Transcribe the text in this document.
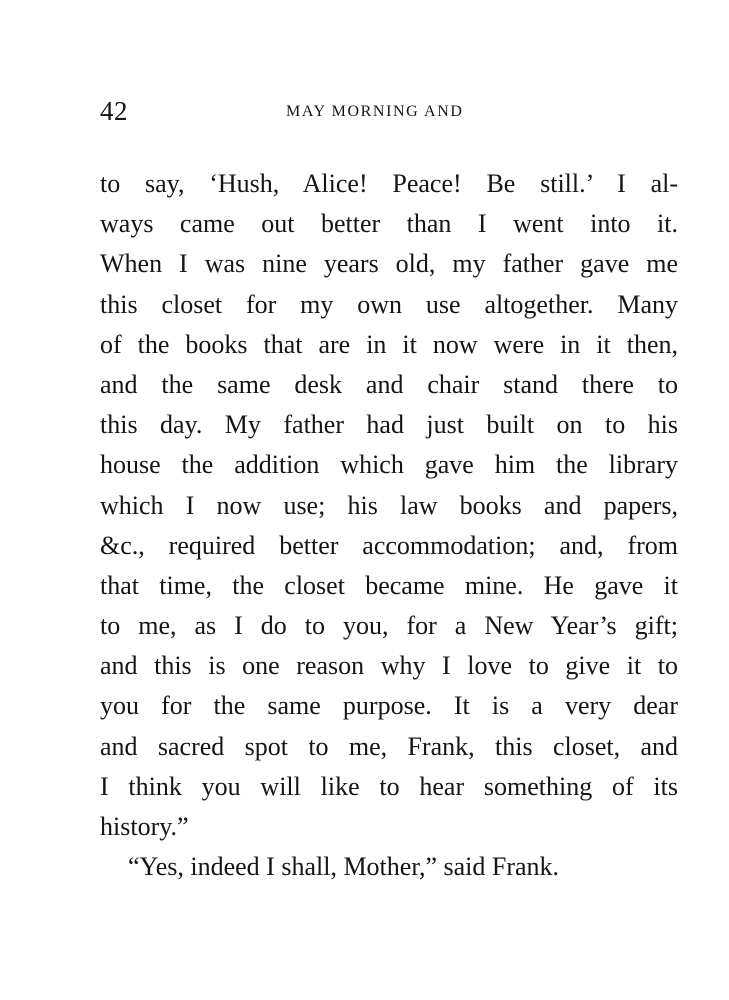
42	MAY MORNING AND
to say, ‘Hush, Alice! Peace! Be still.’ I al-
ways came out better than I went into it.
When I was nine years old, my father gave me
this closet for my own use altogether. Many
of the books that are in it now were in it then,
and the same desk and chair stand there to
this day. My father had just built on to his
house the addition which gave him the library
which I now use; his law books and papers,
&c., required better accommodation; and, from
that time, the closet became mine. He gave it
to me, as I do to you, for a New Year’s gift;
and this is one reason why I love to give it to
you for the same purpose. It is a very dear
and sacred spot to me, Frank, this closet, and
I think you will like to hear something of its
history.”
“Yes, indeed I shall, Mother,” said Frank.
